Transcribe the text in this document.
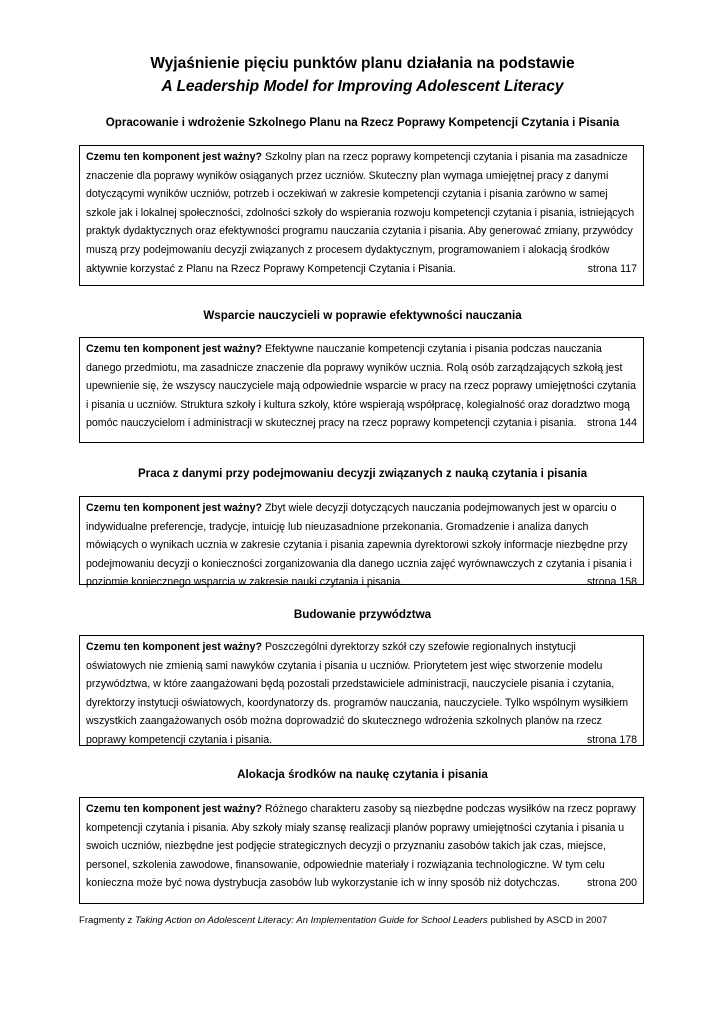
Wyjaśnienie pięciu punktów planu działania na podstawie
A Leadership Model for Improving Adolescent Literacy
Opracowanie i wdrożenie Szkolnego Planu na Rzecz Poprawy Kompetencji Czytania i Pisania
Czemu ten komponent jest ważny? Szkolny plan na rzecz poprawy kompetencji czytania i pisania ma zasadnicze znaczenie dla poprawy wyników osiąganych przez uczniów. Skuteczny plan wymaga umiejętnej pracy z danymi dotyczącymi wyników uczniów, potrzeb i oczekiwań w zakresie kompetencji czytania i pisania zarówno w samej szkole jak i lokalnej społeczności, zdolności szkoły do wspierania rozwoju kompetencji czytania i pisania, istniejących praktyk dydaktycznych oraz efektywności programu nauczania czytania i pisania. Aby generować zmiany, przywódcy muszą przy podejmowaniu decyzji związanych z procesem dydaktycznym, programowaniem i alokacją środków aktywnie korzystać z Planu na Rzecz Poprawy Kompetencji Czytania i Pisania.	strona 117
Wsparcie nauczycieli w poprawie efektywności nauczania
Czemu ten komponent jest ważny? Efektywne nauczanie kompetencji czytania i pisania podczas nauczania danego przedmiotu, ma zasadnicze znaczenie dla poprawy wyników ucznia. Rolą osób zarządzających szkołą jest upewnienie się, że wszyscy nauczyciele mają odpowiednie wsparcie w pracy na rzecz poprawy umiejętności czytania i pisania u uczniów. Struktura szkoły i kultura szkoły, które wspierają współpracę, kolegialność oraz doradztwo mogą pomóc nauczycielom i administracji w skutecznej pracy na rzecz poprawy kompetencji czytania i pisania. strona 144
Praca z danymi przy podejmowaniu decyzji związanych z nauką czytania i pisania
Czemu ten komponent jest ważny? Zbyt wiele decyzji dotyczących nauczania podejmowanych jest w oparciu o indywidualne preferencje, tradycje, intuicję lub nieuzasadnione przekonania. Gromadzenie i analiza danych mówiących o wynikach ucznia w zakresie czytania i pisania zapewnia dyrektorowi szkoły informacje niezbędne przy podejmowaniu decyzji o konieczności zorganizowania dla danego ucznia zajęć wyrównawczych z czytania i pisania i poziomie koniecznego wsparcia w zakresie nauki czytania i pisania.	strona 158
Budowanie przywództwa
Czemu ten komponent jest ważny? Poszczególni dyrektorzy szkół czy szefowie regionalnych instytucji oświatowych nie zmienią sami nawyków czytania i pisania u uczniów. Priorytetem jest więc stworzenie modelu przywództwa, w które zaangażowani będą pozostali przedstawiciele administracji, nauczyciele pisania i czytania, dyrektorzy instytucji oświatowych, koordynatorzy ds. programów nauczania, nauczyciele. Tylko wspólnym wysiłkiem wszystkich zaangażowanych osób można doprowadzić do skutecznego wdrożenia szkolnych planów na rzecz poprawy kompetencji czytania i pisania.	strona 178
Alokacja środków na naukę czytania i pisania
Czemu ten komponent jest ważny? Różnego charakteru zasoby są niezbędne podczas wysiłków na rzecz poprawy kompetencji czytania i pisania. Aby szkoły miały szansę realizacji planów poprawy umiejętności czytania i pisania u swoich uczniów, niezbędne jest podjęcie strategicznych decyzji o przyznaniu zasobów takich jak czas, miejsce, personel, szkolenia zawodowe, finansowanie, odpowiednie materiały i rozwiązania technologiczne. W tym celu konieczna może być nowa dystrybucja zasobów lub wykorzystanie ich w inny sposób niż dotychczas.	strona 200
Fragmenty z Taking Action on Adolescent Literacy: An Implementation Guide for School Leaders published by ASCD in 2007
